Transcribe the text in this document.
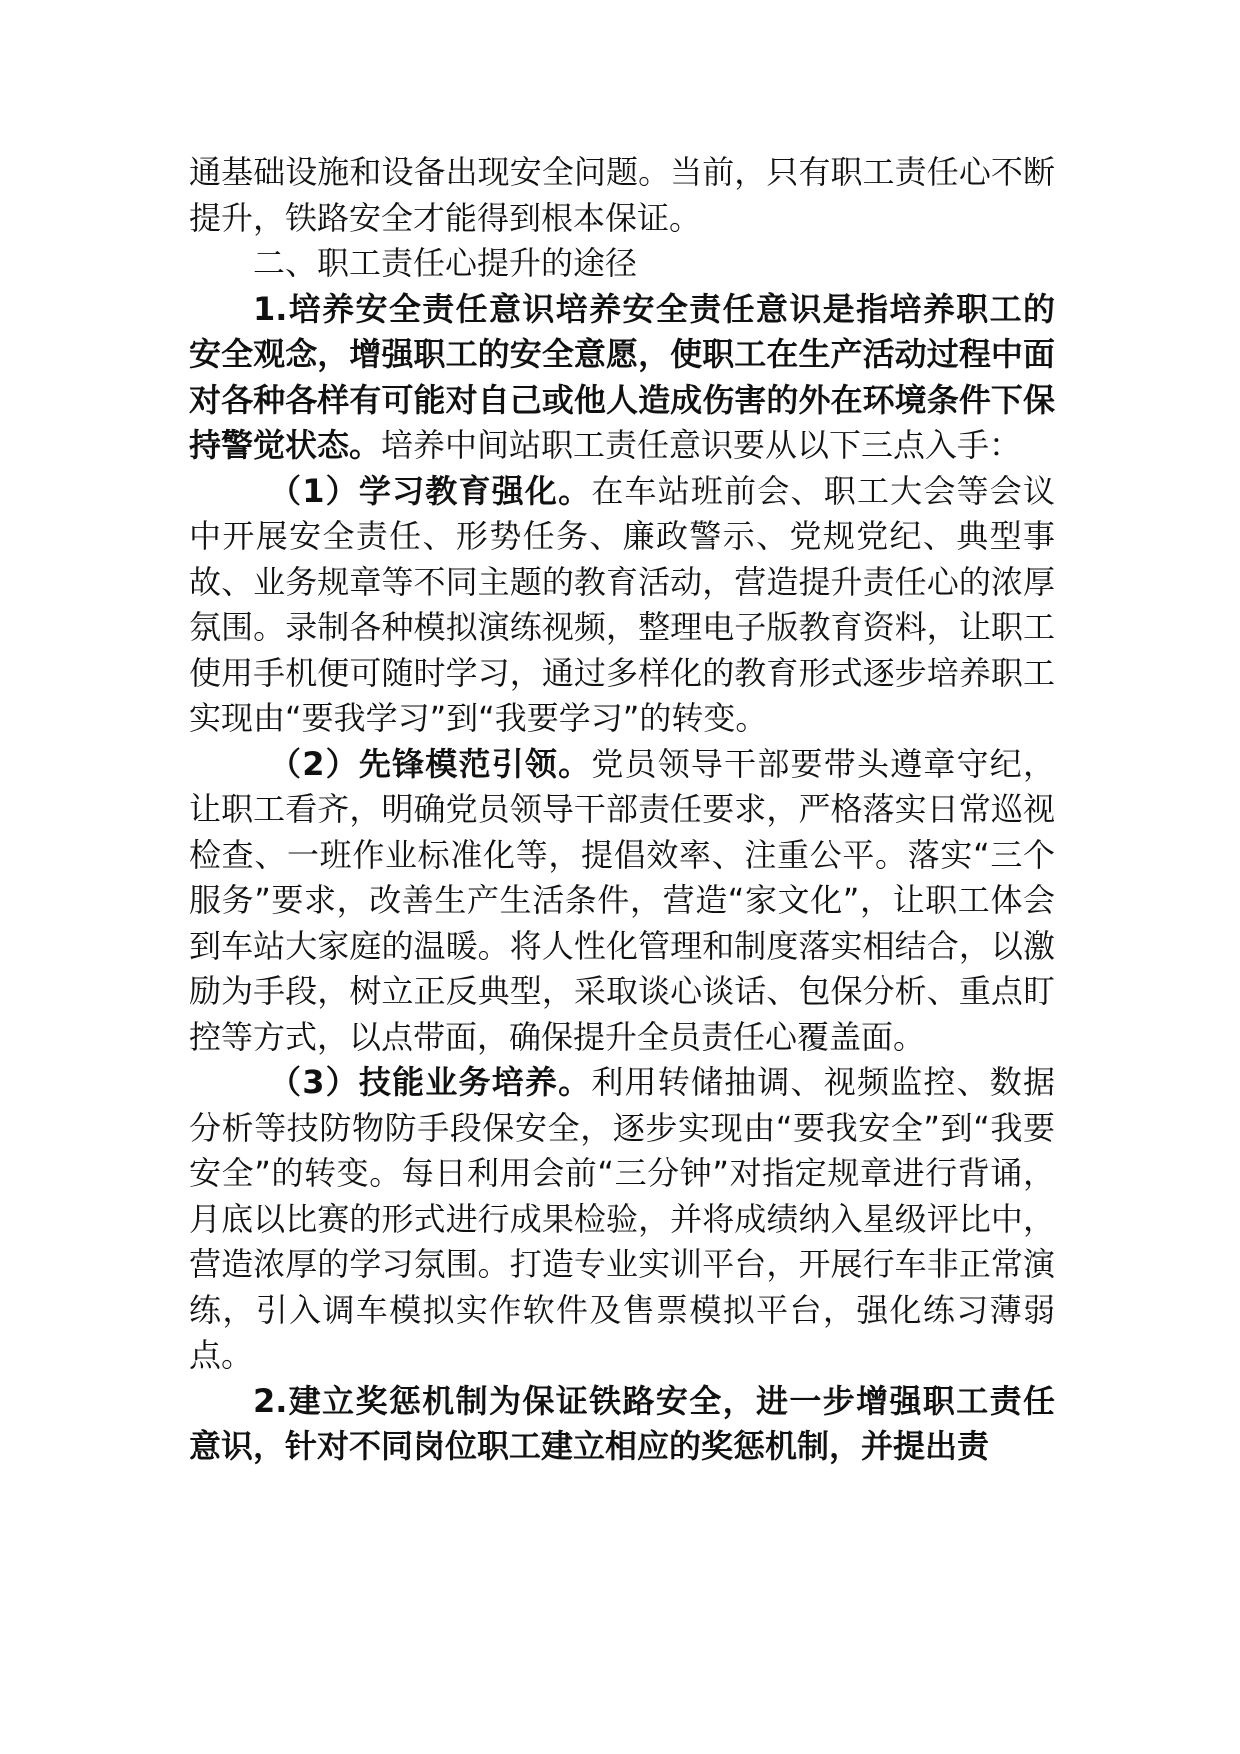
通基础设施和设备出现安全问题。当前，只有职工责任心不断提升，铁路安全才能得到根本保证。

二、职工责任心提升的途径

1.培养安全责任意识培养安全责任意识是指培养职工的安全观念，增强职工的安全意愿，使职工在生产活动过程中面对各种各样有可能对自己或他人造成伤害的外在环境条件下保持警觉状态。培养中间站职工责任意识要从以下三点入手：

（1）学习教育强化。在车站班前会、职工大会等会议中开展安全责任、形势任务、廉政警示、党规党纪、典型事故、业务规章等不同主题的教育活动，营造提升责任心的浓厚氛围。录制各种模拟演练视频，整理电子版教育资料，让职工使用手机便可随时学习，通过多样化的教育形式逐步培养职工实现由“要我学习”到“我要学习”的转变。

（2）先锋模范引领。党员领导干部要带头遵章守纪，让职工看齐，明确党员领导干部责任要求，严格落实日常巡视检查、一班作业标准化等，提倡效率、注重公平。落实“三个服务”要求，改善生产生活条件，营造“家文化”，让职工体会到车站大家庭的温暖。将人性化管理和制度落实相结合，以激励为手段，树立正反典型，采取谈心谈话、包保分析、重点盯控等方式，以点带面，确保提升全员责任心覆盖面。

（3）技能业务培养。利用转储抽调、视频监控、数据分析等技防物防手段保安全，逐步实现由“要我安全”到“我要安全”的转变。每日利用会前“三分钟”对指定规章进行背诵，月底以比赛的形式进行成果检验，并将成绩纳入星级评比中，营造浓厚的学习氛围。打造专业实训平台，开展行车非正常演练，引入调车模拟实作软件及售票模拟平台，强化练习薄弱点。

2.建立奖惩机制为保证铁路安全，进一步增强职工责任意识，针对不同岗位职工建立相应的奖惩机制，并提出责
